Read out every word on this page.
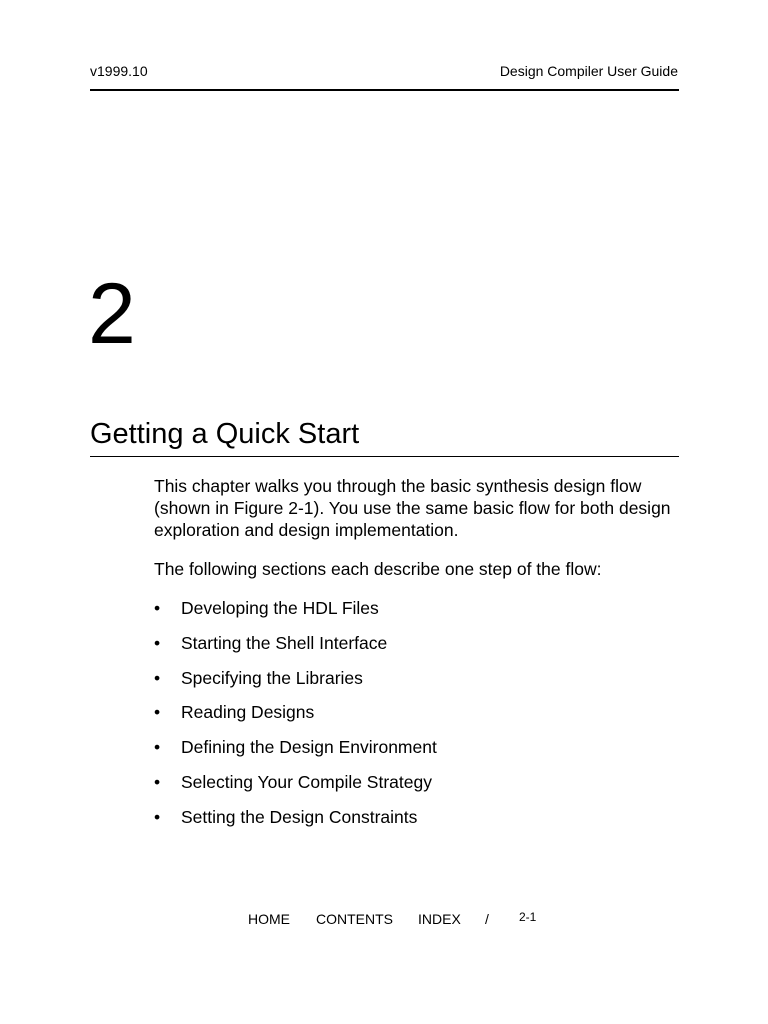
v1999.10	Design Compiler User Guide
2
Getting a Quick Start

This chapter walks you through the basic synthesis design flow (shown in Figure 2-1). You use the same basic flow for both design exploration and design implementation.

The following sections each describe one step of the flow:

• Developing the HDL Files
• Starting the Shell Interface
• Specifying the Libraries
• Reading Designs
• Defining the Design Environment
• Selecting Your Compile Strategy
• Setting the Design Constraints
HOME CONTENTS INDEX /	2-1
